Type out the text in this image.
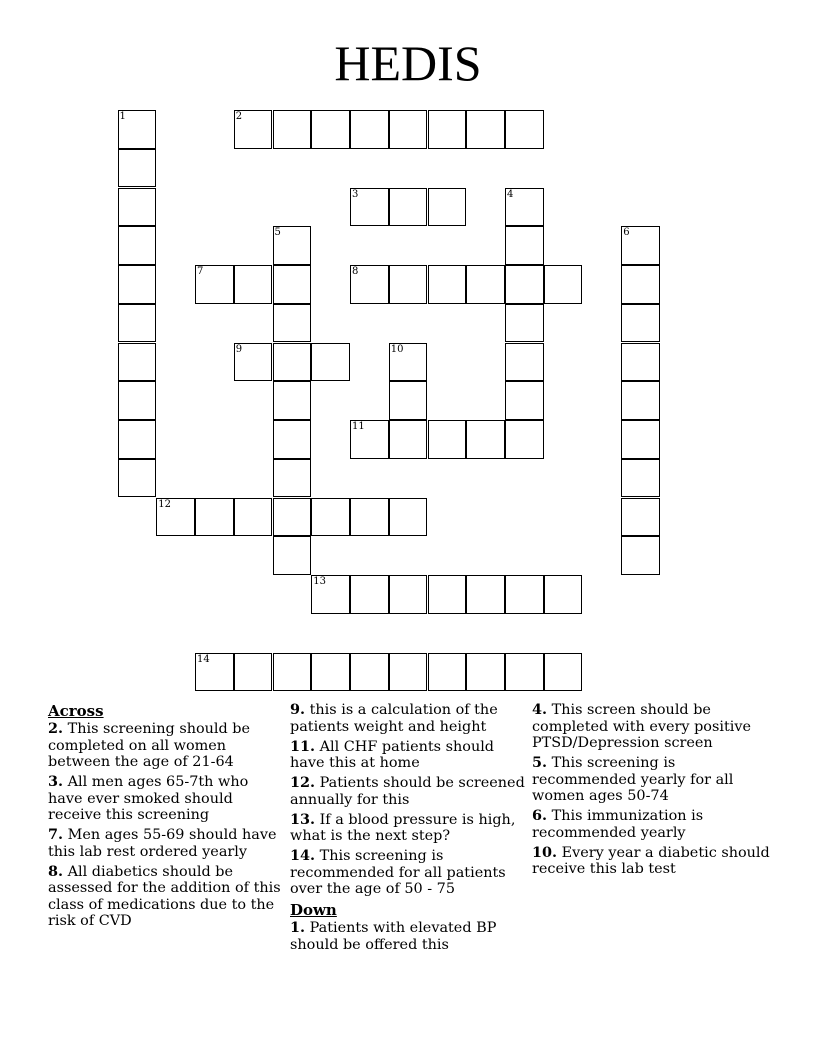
HEDIS
1	2
3	4
5	6
7	8
9	10
11
12
13
14
Across
2. This screening should be completed on all women between the age of 21-64
3. All men ages 65-7th who have ever smoked should receive this screening
7. Men ages 55-69 should have this lab rest ordered yearly
8. All diabetics should be assessed for the addition of this class of medications due to the risk of CVD
9. this is a calculation of the patients weight and height
11. All CHF patients should have this at home
12. Patients should be screened annually for this
13. If a blood pressure is high, what is the next step?
14. This screening is recommended for all patients over the age of 50 - 75
Down
1. Patients with elevated BP should be offered this
4. This screen should be completed with every positive PTSD/Depression screen
5. This screening is recommended yearly for all women ages 50-74
6. This immunization is recommended yearly
10. Every year a diabetic should receive this lab test
